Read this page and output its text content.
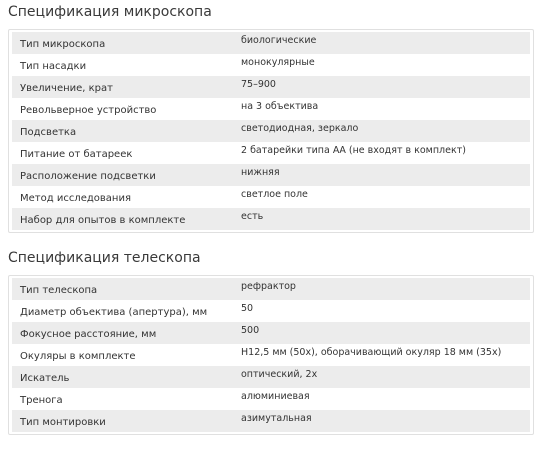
Спецификация микроскопа
Тип микроскопа	биологические
Тип насадки	монокулярные
Увеличение, крат	75–900
Револьверное устройство	на 3 объектива
Подсветка	светодиодная, зеркало
Питание от батареек	2 батарейки типа АА (не входят в комплект)
Расположение подсветки	нижняя
Метод исследования	светлое поле
Набор для опытов в комплекте	есть
Спецификация телескопа
Тип телескопа	рефрактор
Диаметр объектива (апертура), мм	50
Фокусное расстояние, мм	500
Окуляры в комплекте	H12,5 мм (50x), оборачивающий окуляр 18 мм (35x)
Искатель	оптический, 2x
Тренога	алюминиевая
Тип монтировки	азимутальная
